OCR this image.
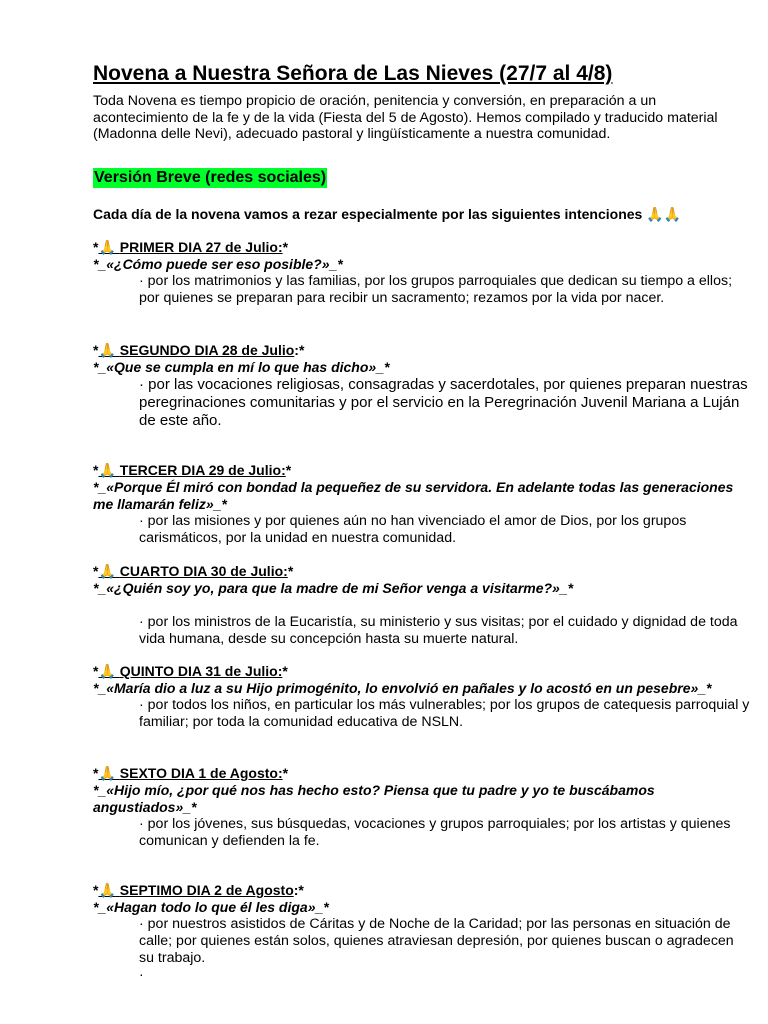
Novena a Nuestra Señora de Las Nieves (27/7 al 4/8)

Toda Novena es tiempo propicio de oración, penitencia y conversión, en preparación a un acontecimiento de la fe y de la vida (Fiesta del 5 de Agosto). Hemos compilado y traducido material (Madonna delle Nevi), adecuado pastoral y lingüísticamente a nuestra comunidad.

Versión Breve (redes sociales)
Cada día de la novena vamos a rezar especialmente por las siguientes intenciones 🙏🙏
*🙏 PRIMER DIA 27 de Julio:*
*_«¿Cómo puede ser eso posible?»_*
· por los matrimonios y las familias, por los grupos parroquiales que dedican su tiempo a ellos; por quienes se preparan para recibir un sacramento; rezamos por la vida por nacer.
*🙏 SEGUNDO DIA 28 de Julio:*
*_«Que se cumpla en mí lo que has dicho»_*
· por las vocaciones religiosas, consagradas y sacerdotales, por quienes preparan nuestras peregrinaciones comunitarias y por el servicio en la Peregrinación Juvenil Mariana a Luján de este año.
*🙏 TERCER DIA 29 de Julio:*
*_«Porque Él miró con bondad la pequeñez de su servidora. En adelante todas las generaciones me llamarán feliz»_*
· por las misiones y por quienes aún no han vivenciado el amor de Dios, por los grupos carismáticos, por la unidad en nuestra comunidad.
*🙏 CUARTO DIA 30 de Julio:*
*_«¿Quién soy yo, para que la madre de mi Señor venga a visitarme?»_*
· por los ministros de la Eucaristía, su ministerio y sus visitas; por el cuidado y dignidad de toda vida humana, desde su concepción hasta su muerte natural.
*🙏 QUINTO DIA 31 de Julio:*
*_«María dio a luz a su Hijo primogénito, lo envolvió en pañales y lo acostó en un pesebre»_*
· por todos los niños, en particular los más vulnerables; por los grupos de catequesis parroquial y familiar; por toda la comunidad educativa de NSLN.
*🙏 SEXTO DIA 1 de Agosto:*
*_«Hijo mío, ¿por qué nos has hecho esto? Piensa que tu padre y yo te buscábamos angustiados»_*
· por los jóvenes, sus búsquedas, vocaciones y grupos parroquiales; por los artistas y quienes comunican y defienden la fe.
*🙏 SEPTIMO DIA 2 de Agosto:*
*_«Hagan todo lo que él les diga»_*
· por nuestros asistidos de Cáritas y de Noche de la Caridad; por las personas en situación de calle; por quienes están solos, quienes atraviesan depresión, por quienes buscan o agradecen su trabajo.
·
